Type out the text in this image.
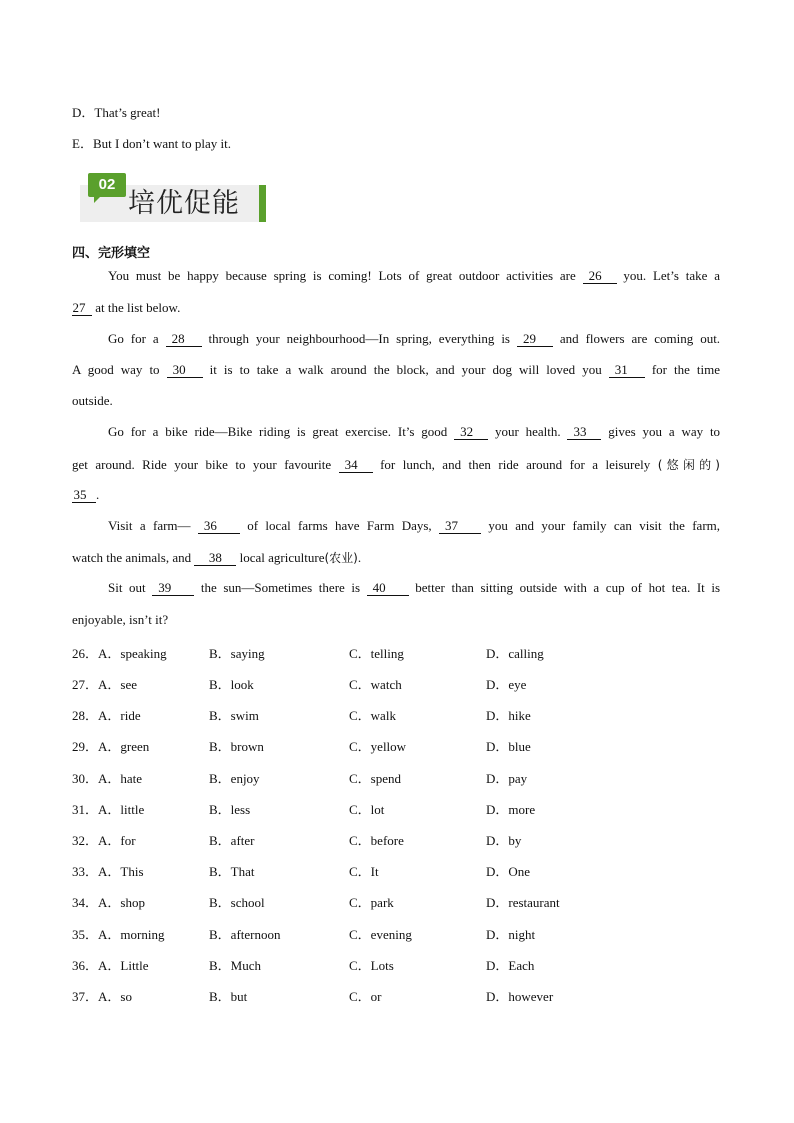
D．That’s great!
E．But I don’t want to play it.
02
培优促能
四、完形填空
You must be happy because spring is coming! Lots of great outdoor activities are 26 you. Let’s take a
27 at the list below.
Go for a 28 through your neighbourhood—In spring, everything is 29 and flowers are coming out.
A good way to 30 it is to take a walk around the block, and your dog will loved you 31 for the time
outside.
Go for a bike ride—Bike riding is great exercise. It’s good 32 your health. 33 gives you a way to
get around. Ride your bike to your favourite 34 for lunch, and then ride around for a leisurely (悠闲的)
35 .
Visit a farm— 36 of local farms have Farm Days, 37 you and your family can visit the farm,
watch the animals, and 38 local agriculture(农业).
Sit out 39 the sun—Sometimes there is 40 better than sitting outside with a cup of hot tea. It is
enjoyable, isn’t it?
26． A．speaking	B．saying	C．telling	D．calling
27． A．see	B．look	C．watch	D．eye
28． A．ride	B．swim	C．walk	D．hike
29． A．green	B．brown	C．yellow	D．blue
30． A．hate	B．enjoy	C．spend	D．pay
31． A．little	B．less	C．lot	D．more
32． A．for	B．after	C．before	D．by
33． A．This	B．That	C．It	D．One
34． A．shop	B．school	C．park	D．restaurant
35． A．morning	B．afternoon	C．evening	D．night
36． A．Little	B．Much	C．Lots	D．Each
37． A．so	B．but	C．or	D．however
